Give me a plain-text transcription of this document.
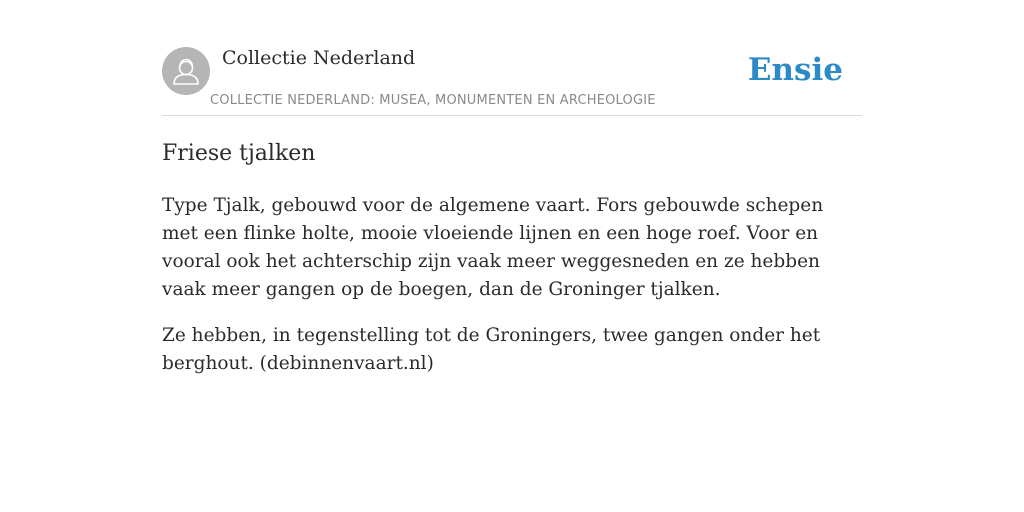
Collectie Nederland
COLLECTIE NEDERLAND: MUSEA, MONUMENTEN EN ARCHEOLOGIE
Ensie
Friese tjalken

Type Tjalk, gebouwd voor de algemene vaart. Fors gebouwde schepen met een flinke holte, mooie vloeiende lijnen en een hoge roef. Voor en vooral ook het achterschip zijn vaak meer weggesneden en ze hebben vaak meer gangen op de boegen, dan de Groninger tjalken.

Ze hebben, in tegenstelling tot de Groningers, twee gangen onder het berghout. (debinnenvaart.nl)
